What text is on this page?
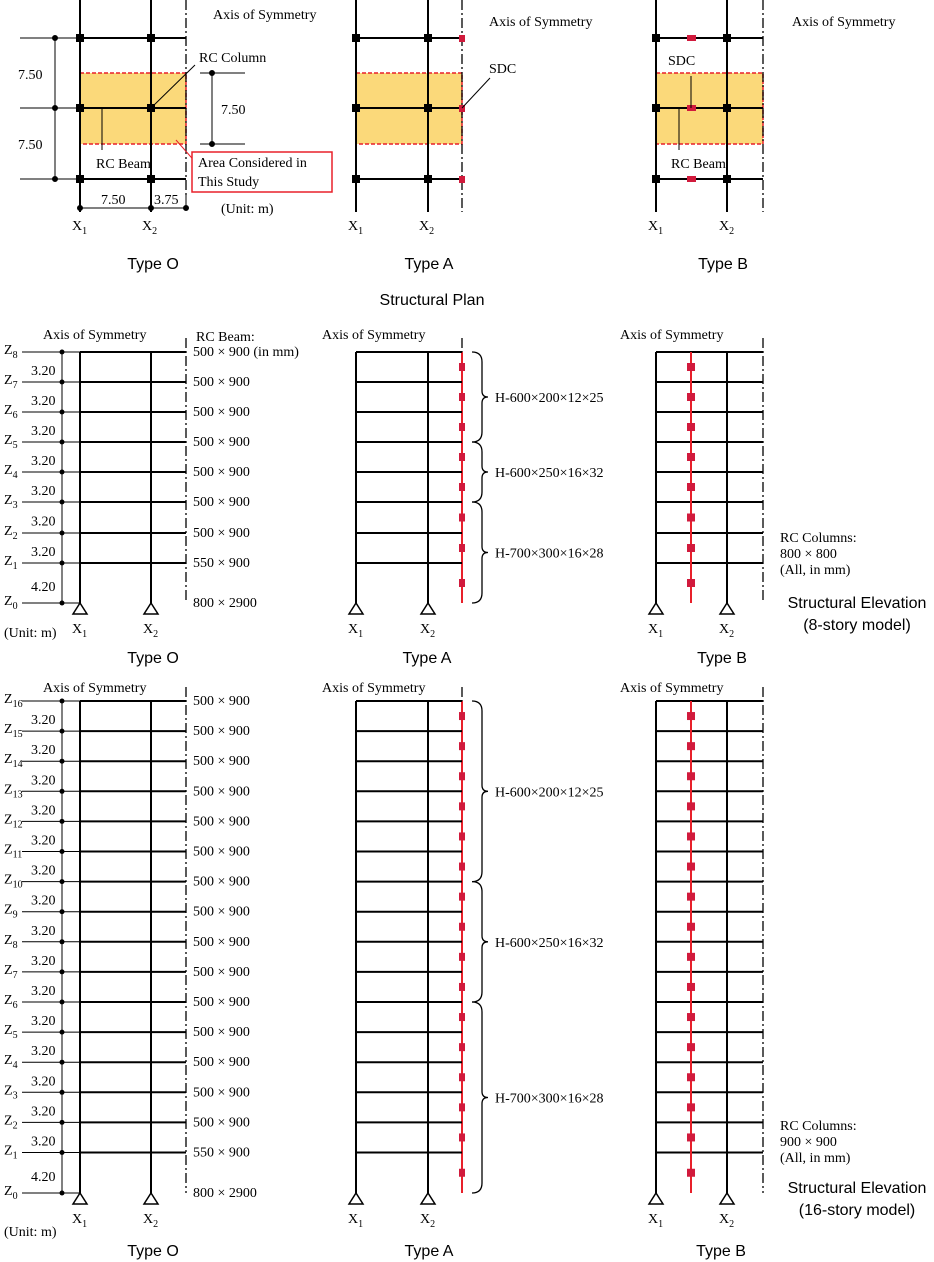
Axis of Symmetry	Axis of Symmetry	Axis of Symmetry
RC Column
RC Beam	RC Beam
SDC
SDC
Area Considered in
This Study
7.50
7.50
7.50
7.50 3.75
(Unit: m)
$X_1$	$X_2$	$X_1$	$X_2$	$X_1$	$X_2$
Type O	Type A	Type B
Structural Plan
$X_1$	$X_2$	$X_1$	$X_2$	$X_1$	$X_2$
$Z_8$
$Z_7$
$Z_6$
$Z_5$
$Z_4$
$Z_3$
$Z_2$
$Z_1$
$Z_0$
3.20
3.20
3.20
3.20
3.20
3.20
3.20
4.20
500 × 900 (in mm)
500 × 900
500 × 900
500 × 900
500 × 900
500 × 900
500 × 900
550 × 900
800 × 2900
H-600×200×12×25
H-600×250×16×32
H-700×300×16×28
$X_1$	$X_2$	$X_1$	$X_2$	$X_1$	$X_2$
$Z_{16}$
$Z_{15}$
$Z_{14}$
$Z_{13}$
$Z_{12}$
$Z_{11}$
$Z_{10}$
$Z_9$
$Z_8$
$Z_7$
$Z_6$
$Z_5$
$Z_4$
$Z_3$
$Z_2$
$Z_1$
$Z_0$
3.20
3.20
3.20
3.20
3.20
3.20
3.20
3.20
3.20
3.20
3.20
3.20
3.20
3.20
3.20
4.20
500 × 900
500 × 900
500 × 900
500 × 900
500 × 900
500 × 900
500 × 900
500 × 900
500 × 900
500 × 900
500 × 900
500 × 900
500 × 900
500 × 900
500 × 900
550 × 900
800 × 2900
H-600×200×12×25
H-600×250×16×32
H-700×300×16×28
Axis of Symmetry	Axis of Symmetry	Axis of Symmetry
RC Beam:
RC Columns:
800 × 800
(All, in mm)
Structural Elevation
(8-story model)
(Unit: m)
Type O	Type A	Type B
Axis of Symmetry	Axis of Symmetry	Axis of Symmetry
RC Columns:
900 × 900
(All, in mm)
Structural Elevation
(16-story model)
(Unit: m)
Type O	Type A	Type B
